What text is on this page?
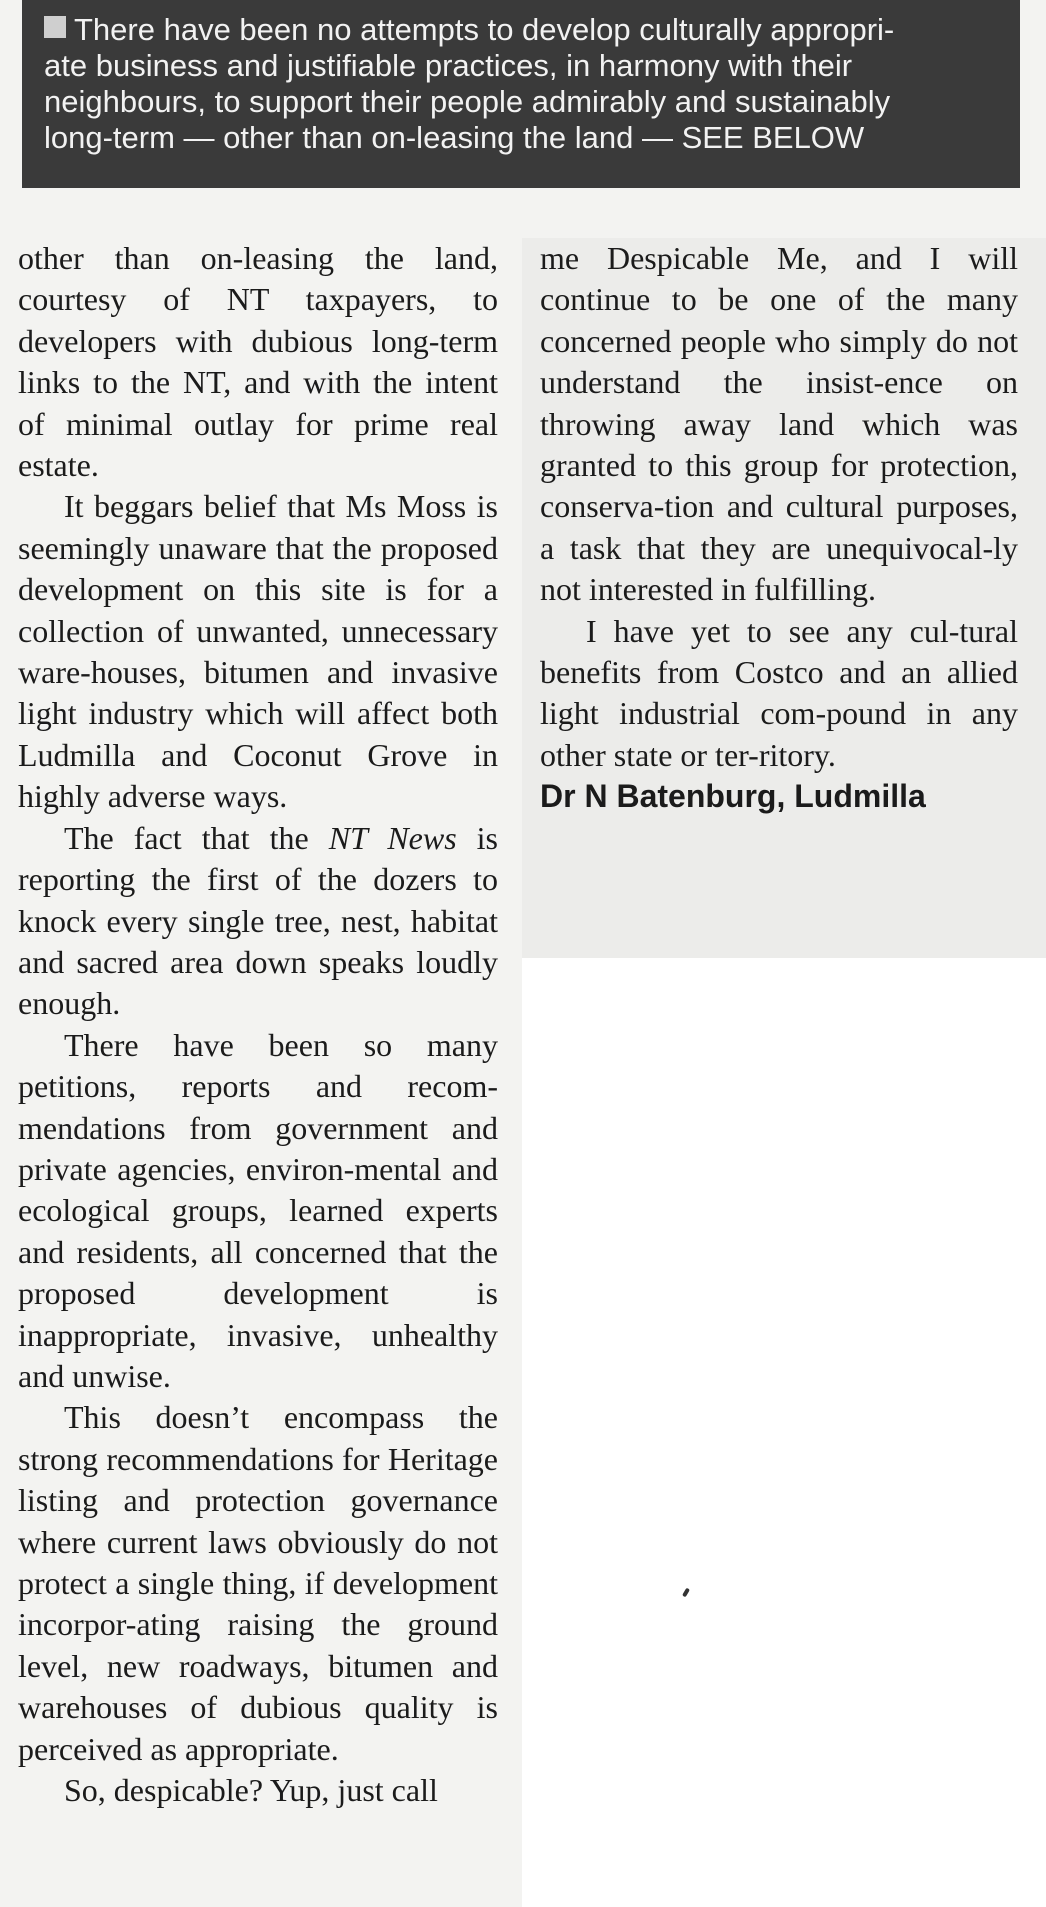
There have been no attempts to develop culturally appropri-
ate business and justifiable practices, in harmony with their
neighbours, to support their people admirably and sustainably
long-term — other than on-leasing the land — SEE BELOW

other than on-leasing the land, courtesy of NT taxpayers, to developers with dubious long-term links to the NT, and with the intent of minimal outlay for prime real estate.

It beggars belief that Ms Moss is seemingly unaware that the proposed development on this site is for a collection of unwanted, unnecessary ware-houses, bitumen and invasive light industry which will affect both Ludmilla and Coconut Grove in highly adverse ways.

The fact that the NT News is reporting the first of the dozers to knock every single tree, nest, habitat and sacred area down speaks loudly enough.

There have been so many petitions, reports and recom-mendations from government and private agencies, environ-mental and ecological groups, learned experts and residents, all concerned that the proposed development is inappropriate, invasive, unhealthy and unwise.

This doesn’t encompass the strong recommendations for Heritage listing and protection governance where current laws obviously do not protect a single thing, if development incorpor-ating raising the ground level, new roadways, bitumen and warehouses of dubious quality is perceived as appropriate.

So, despicable? Yup, just call

me Despicable Me, and I will continue to be one of the many concerned people who simply do not understand the insist-ence on throwing away land which was granted to this group for protection, conserva-tion and cultural purposes, a task that they are unequivocal-ly not interested in fulfilling.

I have yet to see any cul-tural benefits from Costco and an allied light industrial com-pound in any other state or ter-ritory.

Dr N Batenburg, Ludmilla
